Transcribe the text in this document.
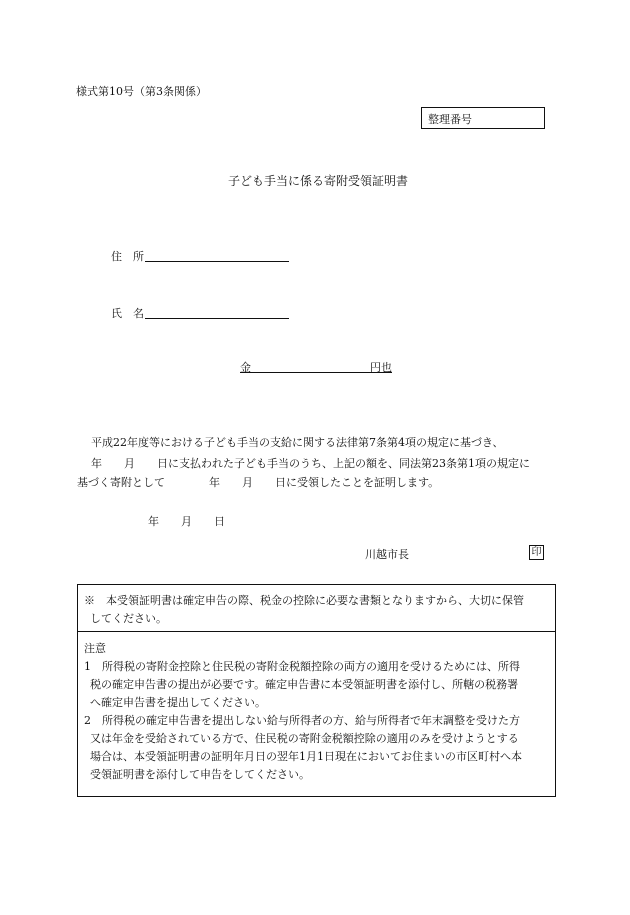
様式第10号（第3条関係）
整理番号
子ども手当に係る寄附受領証明書
住　所
氏　名
金	円也
平成22年度等における子ども手当の支給に関する法律第7条第4項の規定に基づき、
年　　月　　日に支払われた子ども手当のうち、上記の額を、同法第23条第1項の規定に
基づく寄附として　　　　年　　月　　日に受領したことを証明します。
年　　月　　日
川越市長	印

※　 本受領証明書は確定申告の際、税金の控除に必要な書類となりますから、大切に保管

してください。

注意

1　 所得税の寄附金控除と住民税の寄附金税額控除の両方の適用を受けるためには、所得

税の確定申告書の提出が必要です。確定申告書に本受領証明書を添付し、所轄の税務署

へ確定申告書を提出してください。

2　 所得税の確定申告書を提出しない給与所得者の方、給与所得者で年末調整を受けた方

又は年金を受給されている方で、住民税の寄附金税額控除の適用のみを受けようとする

場合は、本受領証明書の証明年月日の翌年1月1日現在においてお住まいの市区町村へ本

受領証明書を添付して申告をしてください。
